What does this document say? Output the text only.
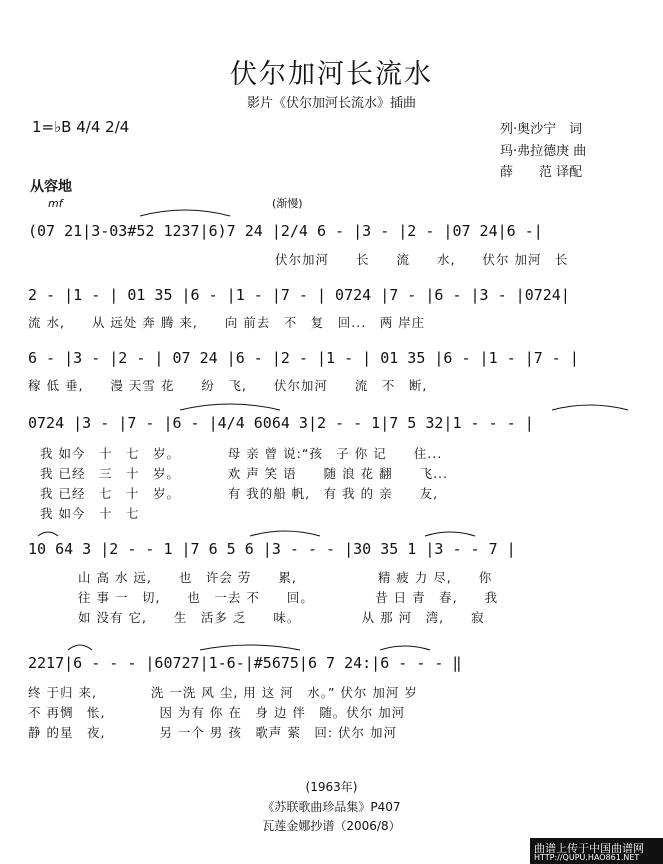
伏尔加河长流水
影片《伏尔加河长流水》插曲
1=♭B 4/4 2/4	列·奥沙宁　词
玛·弗拉德庚 曲
薛　　范 译配
从容地
mf	(渐慢)
(07 21|3-03#52 1237|6)7 24 |2/4 6 - |3 - |2 - |07 24|6 -|
伏尔加河　　长　　流　　水,　　伏尔 加河　长
2 - |1 - | 01 35 |6 - |1 - |7 - | 0724 |7 - |6 - |3 - |0724|
流 水,　　从 远处 奔 腾 来,　　向 前去　不　复　回...　两 岸庄
6 - |3 - |2 - | 07 24 |6 - |2 - |1 - | 01 35 |6 - |1 - |7 - |
稼 低 垂,　　漫 天雪 花　　纷　飞,　　伏尔加河　　流　不　断,
0724 |3 - |7 - |6 - |4/4 6064 3|2 - - 1|7 5 32|1 - - - |
我 如今　十　七　岁。　　　　母 亲 曾 说:“孩　子 你 记　　住...
我 已经　三　十　岁。　　　　欢 声 笑 语　　随 浪 花 翻　　飞...
我 已经　七　十　岁。　　　　有 我的船 帆,　有 我 的 亲　　友,
我 如今　十　七
10 64 3 |2 - - 1 |7 6 5 6 |3 - - - |30 35 1 |3 - - 7 |
山 高 水 远,　　也　许会 劳　　累,　　　　　　精 疲 力 尽,　　你
往 事 一　切,　　也　一去 不　　回。　　　　　昔 日 青　春,　　我
如 没有 它,　　生　活多 乏　　味。　　　　　从 那 河　湾,　　寂
2217|6 - - - |60727|1-6-|#5675|6 7 24:|6 - - - ‖
终 于归 来,　　　　洗 一洗 风 尘, 用 这 河　水。” 伏尔 加河 岁
不 再惆　怅,　　　　因 为有 你 在　身 边 伴　随。伏尔 加河
静 的星　夜,　　　　另 一个 男 孩　歌声 萦　回: 伏尔 加河
(1963年)
《苏联歌曲珍品集》P407
瓦莲金娜抄谱（2006/8）
曲谱上传于中国曲谱网
HTTP://QUPU.HAO861.NET
